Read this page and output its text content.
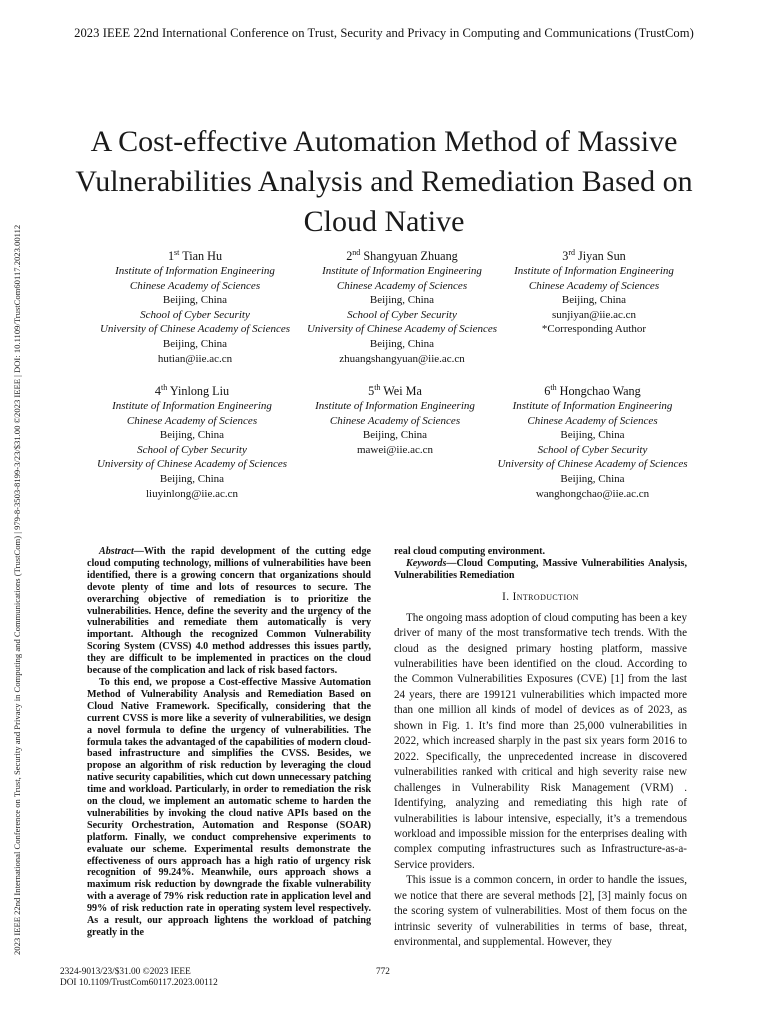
2023 IEEE 22nd International Conference on Trust, Security and Privacy in Computing and Communications (TrustCom)
2023 IEEE 22nd International Conference on Trust, Security and Privacy in Computing and Communications (TrustCom) | 979-8-3503-8199-3/23/$31.00 ©2023 IEEE | DOI: 10.1109/TrustCom60117.2023.00112
A Cost-effective Automation Method of Massive Vulnerabilities Analysis and Remediation Based on Cloud Native
1st Tian Hu
Institute of Information Engineering
Chinese Academy of Sciences
Beijing, China
School of Cyber Security
University of Chinese Academy of Sciences
Beijing, China
hutian@iie.ac.cn
2nd Shangyuan Zhuang
Institute of Information Engineering
Chinese Academy of Sciences
Beijing, China
School of Cyber Security
University of Chinese Academy of Sciences
Beijing, China
zhuangshangyuan@iie.ac.cn
3rd Jiyan Sun
Institute of Information Engineering
Chinese Academy of Sciences
Beijing, China
sunjiyan@iie.ac.cn
*Corresponding Author
4th Yinlong Liu
Institute of Information Engineering
Chinese Academy of Sciences
Beijing, China
School of Cyber Security
University of Chinese Academy of Sciences
Beijing, China
liuyinlong@iie.ac.cn
5th Wei Ma
Institute of Information Engineering
Chinese Academy of Sciences
Beijing, China
mawei@iie.ac.cn
6th Hongchao Wang
Institute of Information Engineering
Chinese Academy of Sciences
Beijing, China
School of Cyber Security
University of Chinese Academy of Sciences
Beijing, China
wanghongchao@iie.ac.cn

Abstract—With the rapid development of the cutting edge cloud computing technology, millions of vulnerabilities have been identified, there is a growing concern that organizations should devote plenty of time and lots of resources to secure. The overarching objective of remediation is to prioritize the vulnerabilities. Hence, define the severity and the urgency of the vulnerabilities and remediate them automatically is very important. Although the recognized Common Vulnerability Scoring System (CVSS) 4.0 method addresses this issues partly, they are difficult to be implemented in practices on the cloud because of the complication and lack of risk based factors.

To this end, we propose a Cost-effective Massive Automation Method of Vulnerability Analysis and Remediation Based on Cloud Native Framework. Specifically, considering that the current CVSS is more like a severity of vulnerabilities, we design a novel formula to define the urgency of vulnerabilities. The formula takes the advantaged of the capabilities of modern cloud-based infrastructure and simplifies the CVSS. Besides, we propose an algorithm of risk reduction by leveraging the cloud native security capabilities, which cut down unnecessary patching time and workload. Particularly, in order to remediation the risk on the cloud, we implement an automatic scheme to harden the vulnerabilities by invoking the cloud native APIs based on the Security Orchestration, Automation and Response (SOAR) platform. Finally, we conduct comprehensive experiments to evaluate our scheme. Experimental results demonstrate the effectiveness of ours approach has a high ratio of urgency risk recognition of 99.24%. Meanwhile, ours approach shows a maximum risk reduction by downgrade the fixable vulnerability with a average of 79% risk reduction rate in application level and 99% of risk reduction rate in operating system level respectively. As a result, our approach lightens the workload of patching greatly in the

real cloud computing environment.

Keywords—Cloud Computing, Massive Vulnerabilities Analysis, Vulnerabilities Remediation

I. Introduction

The ongoing mass adoption of cloud computing has been a key driver of many of the most transformative tech trends. With the cloud as the designed primary hosting platform, massive vulnerabilities have been identified on the cloud. According to the Common Vulnerabilities Exposures (CVE) [1] from the last 24 years, there are 199121 vulnerabilities which impacted more than one million all kinds of model of devices as of 2023, as shown in Fig. 1. It’s find more than 25,000 vulnerabilities in 2022, which increased sharply in the past six years form 2016 to 2022. Specifically, the unprecedented increase in discovered vulnerabilities ranked with critical and high severity raise new challenges in Vulnerability Risk Management (VRM) . Identifying, analyzing and remediating this high rate of vulnerabilities is labour intensive, especially, it’s a tremendous workload and impossible mission for the enterprises dealing with complex computing infrastructures such as Infrastructure-as-a-Service providers.

This issue is a common concern, in order to handle the issues, we notice that there are several methods [2], [3] mainly focus on the scoring system of vulnerabilities. Most of them focus on the intrinsic severity of vulnerabilities in terms of base, threat, environmental, and supplemental. However, they

2324-9013/23/$31.00 ©2023 IEEE
DOI 10.1109/TrustCom60117.2023.00112
772
